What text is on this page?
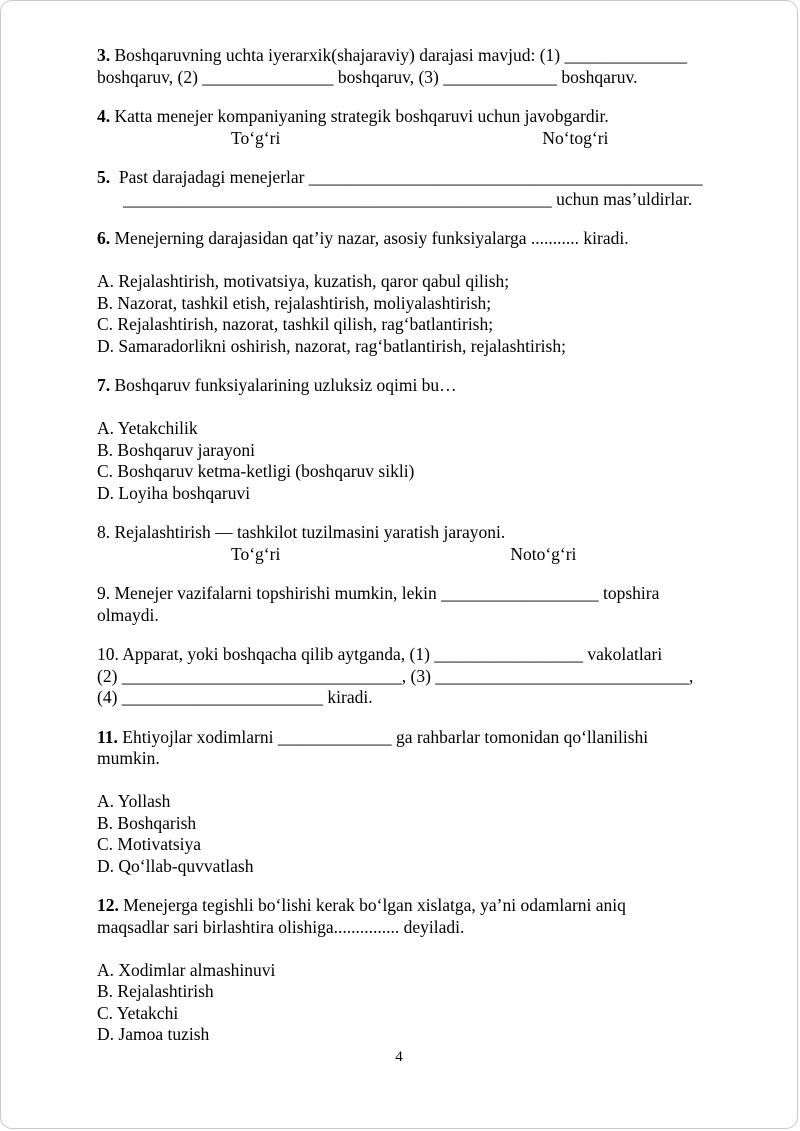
3. Boshqaruvning uchta iyerarxik(shajaraviy) darajasi mavjud: (1) ______________
boshqaruv, (2) _______________ boshqaruv, (3) _____________ boshqaruv.

4. Katta menejer kompaniyaning strategik boshqaruvi uchun javobgardir.
To‘g‘ri	No‘tog‘ri

5.  Past darajadagi menejerlar _____________________________________________
_________________________________________________ uchun mas’uldirlar.

6. Menejerning darajasidan qat’iy nazar, asosiy funksiyalarga ........... kiradi.
A. Rejalashtirish, motivatsiya, kuzatish, qaror qabul qilish;
B. Nazorat, tashkil etish, rejalashtirish, moliyalashtirish;
C. Rejalashtirish, nazorat, tashkil qilish, rag‘batlantirish;
D. Samaradorlikni oshirish, nazorat, rag‘batlantirish, rejalashtirish;

7. Boshqaruv funksiyalarining uzluksiz oqimi bu…
A. Yetakchilik
B. Boshqaruv jarayoni
C. Boshqaruv ketma-ketligi (boshqaruv sikli)
D. Loyiha boshqaruvi

8. Rejalashtirish — tashkilot tuzilmasini yaratish jarayoni.
To‘g‘ri	Noto‘g‘ri

9. Menejer vazifalarni topshirishi mumkin, lekin __________________ topshira
olmaydi.

10. Apparat, yoki boshqacha qilib aytganda, (1) _________________ vakolatlari
(2) ________________________________, (3) _____________________________,
(4) _______________________ kiradi.

11. Ehtiyojlar xodimlarni _____________ ga rahbarlar tomonidan qo‘llanilishi
mumkin.
A. Yollash
B. Boshqarish
C. Motivatsiya
D. Qo‘llab-quvvatlash

12. Menejerga tegishli bo‘lishi kerak bo‘lgan xislatga, ya’ni odamlarni aniq
maqsadlar sari birlashtira olishiga............... deyiladi.
A. Xodimlar almashinuvi
B. Rejalashtirish
C. Yetakchi
D. Jamoa tuzish

4
